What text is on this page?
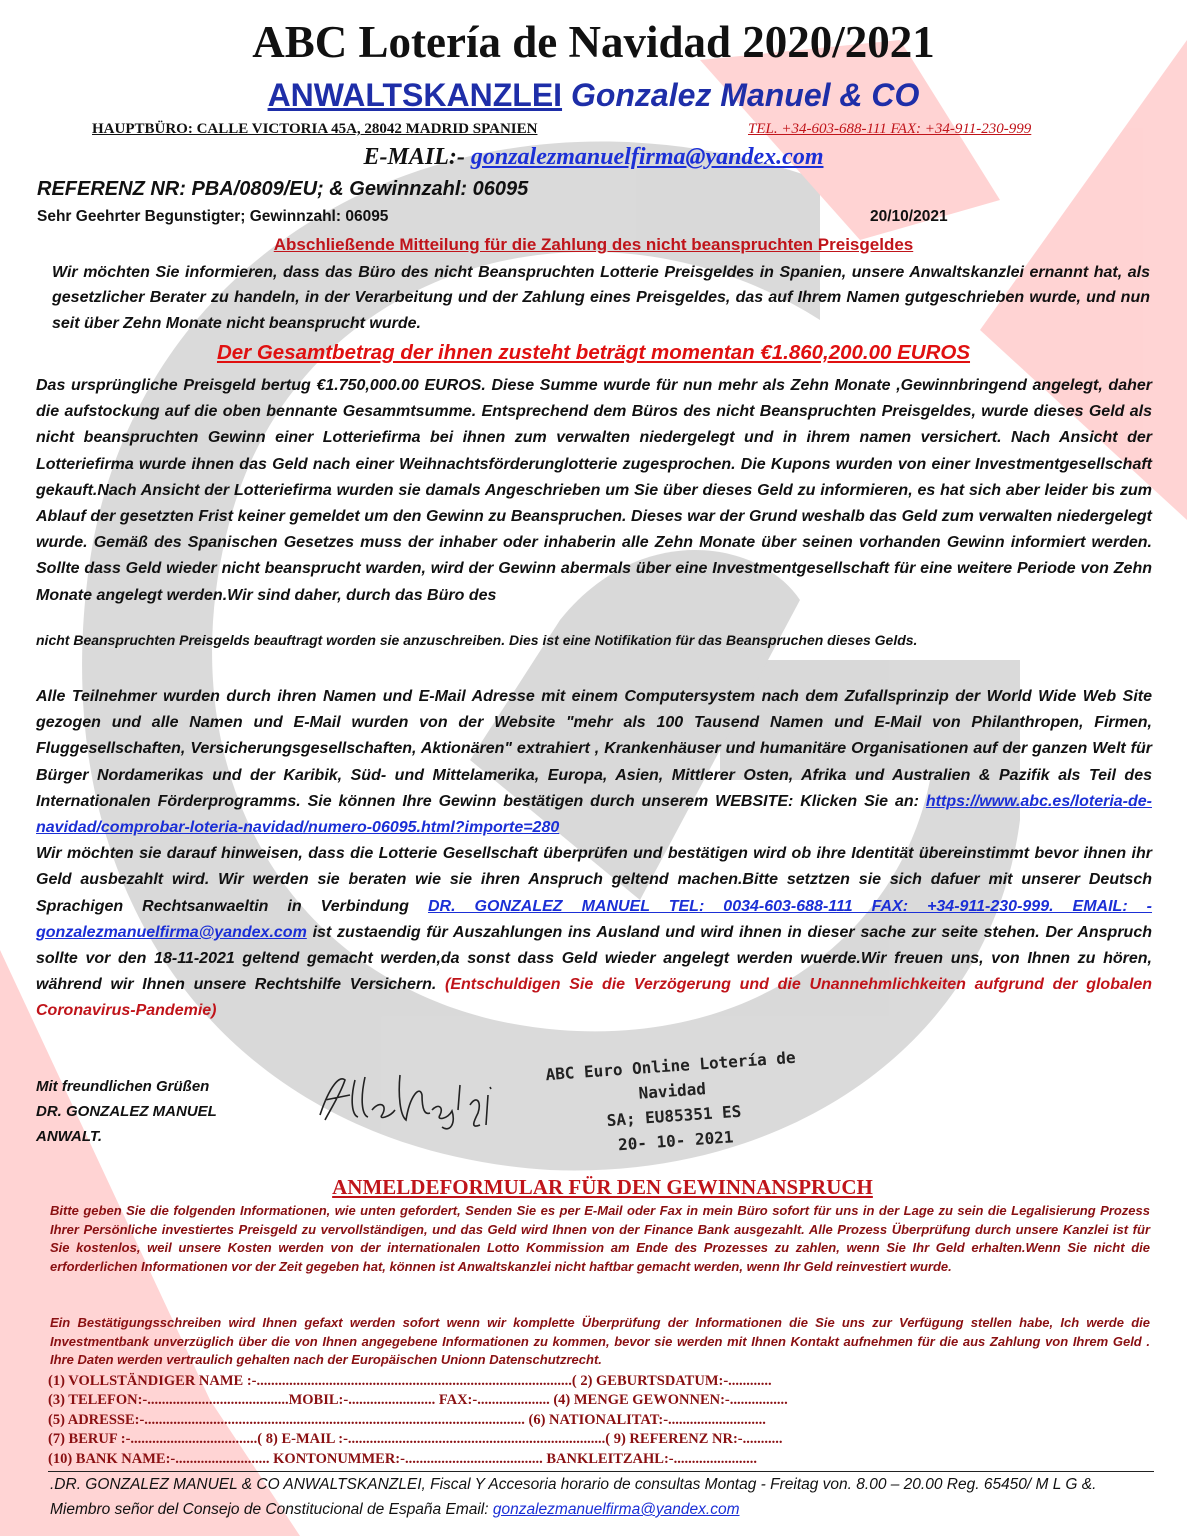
ABC Lotería de Navidad 2020/2021
ANWALTSKANZLEI Gonzalez Manuel & CO
HAUPTBÜRO: CALLE VICTORIA 45A, 28042 MADRID SPANIEN	TEL. +34-603-688-111 FAX: +34-911-230-999
E-MAIL:- gonzalezmanuelfirma@yandex.com
REFERENZ NR: PBA/0809/EU; & Gewinnzahl: 06095
Sehr Geehrter Begunstigter; Gewinnzahl: 06095	20/10/2021
Abschließende Mitteilung für die Zahlung des nicht beanspruchten Preisgeldes

Wir möchten Sie informieren, dass das Büro des nicht Beanspruchten Lotterie Preisgeldes in Spanien, unsere Anwaltskanzlei ernannt hat, als gesetzlicher Berater zu handeln, in der Verarbeitung und der Zahlung eines Preisgeldes, das auf Ihrem Namen gutgeschrieben wurde, und nun seit über Zehn Monate nicht beansprucht wurde.

Der Gesamtbetrag der ihnen zusteht beträgt momentan €1.860,200.00 EUROS

Das ursprüngliche Preisgeld bertug €1.750,000.00 EUROS. Diese Summe wurde für nun mehr als Zehn Monate ,Gewinnbringend angelegt, daher die aufstockung auf die oben bennante Gesammtsumme. Entsprechend dem Büros des nicht Beanspruchten Preisgeldes, wurde dieses Geld als nicht beanspruchten Gewinn einer Lotteriefirma bei ihnen zum verwalten niedergelegt und in ihrem namen versichert. Nach Ansicht der Lotteriefirma wurde ihnen das Geld nach einer Weihnachtsförderunglotterie zugesprochen. Die Kupons wurden von einer Investmentgesellschaft gekauft.Nach Ansicht der Lotteriefirma wurden sie damals Angeschrieben um Sie über dieses Geld zu informieren, es hat sich aber leider bis zum Ablauf der gesetzten Frist keiner gemeldet um den Gewinn zu Beanspruchen. Dieses war der Grund weshalb das Geld zum verwalten niedergelegt wurde. Gemäß des Spanischen Gesetzes muss der inhaber oder inhaberin alle Zehn Monate über seinen vorhanden Gewinn informiert werden. Sollte dass Geld wieder nicht beansprucht warden, wird der Gewinn abermals über eine Investmentgesellschaft für eine weitere Periode von Zehn Monate angelegt werden.Wir sind daher, durch das Büro des

nicht Beanspruchten Preisgelds beauftragt worden sie anzuschreiben. Dies ist eine Notifikation für das Beanspruchen dieses Gelds.

Alle Teilnehmer wurden durch ihren Namen und E-Mail Adresse mit einem Computersystem nach dem Zufallsprinzip der World Wide Web Site gezogen und alle Namen und E-Mail wurden von der Website "mehr als 100 Tausend Namen und E-Mail von Philanthropen, Firmen, Fluggesellschaften, Versicherungsgesellschaften, Aktionären" extrahiert , Krankenhäuser und humanitäre Organisationen auf der ganzen Welt für Bürger Nordamerikas und der Karibik, Süd- und Mittelamerika, Europa, Asien, Mittlerer Osten, Afrika und Australien & Pazifik als Teil des Internationalen Förderprogramms. Sie können Ihre Gewinn bestätigen durch unserem WEBSITE: Klicken Sie an: https://www.abc.es/loteria-de-navidad/comprobar-loteria-navidad/numero-06095.html?importe=280
Wir möchten sie darauf hinweisen, dass die Lotterie Gesellschaft überprüfen und bestätigen wird ob ihre Identität übereinstimmt bevor ihnen ihr Geld ausbezahlt wird. Wir werden sie beraten wie sie ihren Anspruch geltend machen.Bitte setztzen sie sich dafuer mit unserer Deutsch Sprachigen Rechtsanwaeltin in Verbindung DR. GONZALEZ MANUEL TEL: 0034-603-688-111 FAX: +34-911-230-999. EMAIL: - gonzalezmanuelfirma@yandex.com ist zustaendig für Auszahlungen ins Ausland und wird ihnen in dieser sache zur seite stehen. Der Anspruch sollte vor den 18-11-2021 geltend gemacht werden,da sonst dass Geld wieder angelegt werden wuerde.Wir freuen uns, von Ihnen zu hören, während wir Ihnen unsere Rechtshilfe Versichern. (Entschuldigen Sie die Verzögerung und die Unannehmlichkeiten aufgrund der globalen Coronavirus-Pandemie)

Mit freundlichen Grüßen
DR. GONZALEZ MANUEL
ANWALT.
ABC Euro Online Lotería de Navidad
SA; EU85351 ES
20- 10- 2021
ANMELDEFORMULAR FÜR DEN GEWINNANSPRUCH

Bitte geben Sie die folgenden Informationen, wie unten gefordert, Senden Sie es per E-Mail oder Fax in mein Büro sofort für uns in der Lage zu sein die Legalisierung Prozess Ihrer Persönliche investiertes Preisgeld zu vervollständigen, und das Geld wird Ihnen von der Finance Bank ausgezahlt. Alle Prozess Überprüfung durch unsere Kanzlei ist für Sie kostenlos, weil unsere Kosten werden von der internationalen Lotto Kommission am Ende des Prozesses zu zahlen, wenn Sie Ihr Geld erhalten.Wenn Sie nicht die erforderlichen Informationen vor der Zeit gegeben hat, können ist Anwaltskanzlei nicht haftbar gemacht werden, wenn Ihr Geld reinvestiert wurde.

Ein Bestätigungsschreiben wird Ihnen gefaxt werden sofort wenn wir komplette Überprüfung der Informationen die Sie uns zur Verfügung stellen habe, Ich werde die Investmentbank unverzüglich über die von Ihnen angegebene Informationen zu kommen, bevor sie werden mit Ihnen Kontakt aufnehmen für die aus Zahlung von Ihrem Geld . Ihre Daten werden vertraulich gehalten nach der Europäischen Unionn Datenschutzrecht.

(1) VOLLSTÄNDIGER NAME :-.......................................................................................( 2) GEBURTSDATUM:-............
(3) TELEFON:-.......................................MOBIL:-........................ FAX:-.................... (4) MENGE GEWONNEN:-................
(5) ADRESSE:-......................................................................................................... (6) NATIONALITAT:-...........................
(7) BERUF :-...................................( 8) E-MAIL :-.......................................................................( 9) REFERENZ NR:-...........
(10) BANK NAME:-.......................... KONTONUMMER:-...................................... BANKLEITZAHL:-.......................
.DR. GONZALEZ MANUEL & CO ANWALTSKANZLEI, Fiscal Y Accesoria horario de consultas Montag - Freitag von. 8.00 – 20.00 Reg. 65450/ M L G &. Miembro señor del Consejo de Constitucional de España Email: gonzalezmanuelfirma@yandex.com
